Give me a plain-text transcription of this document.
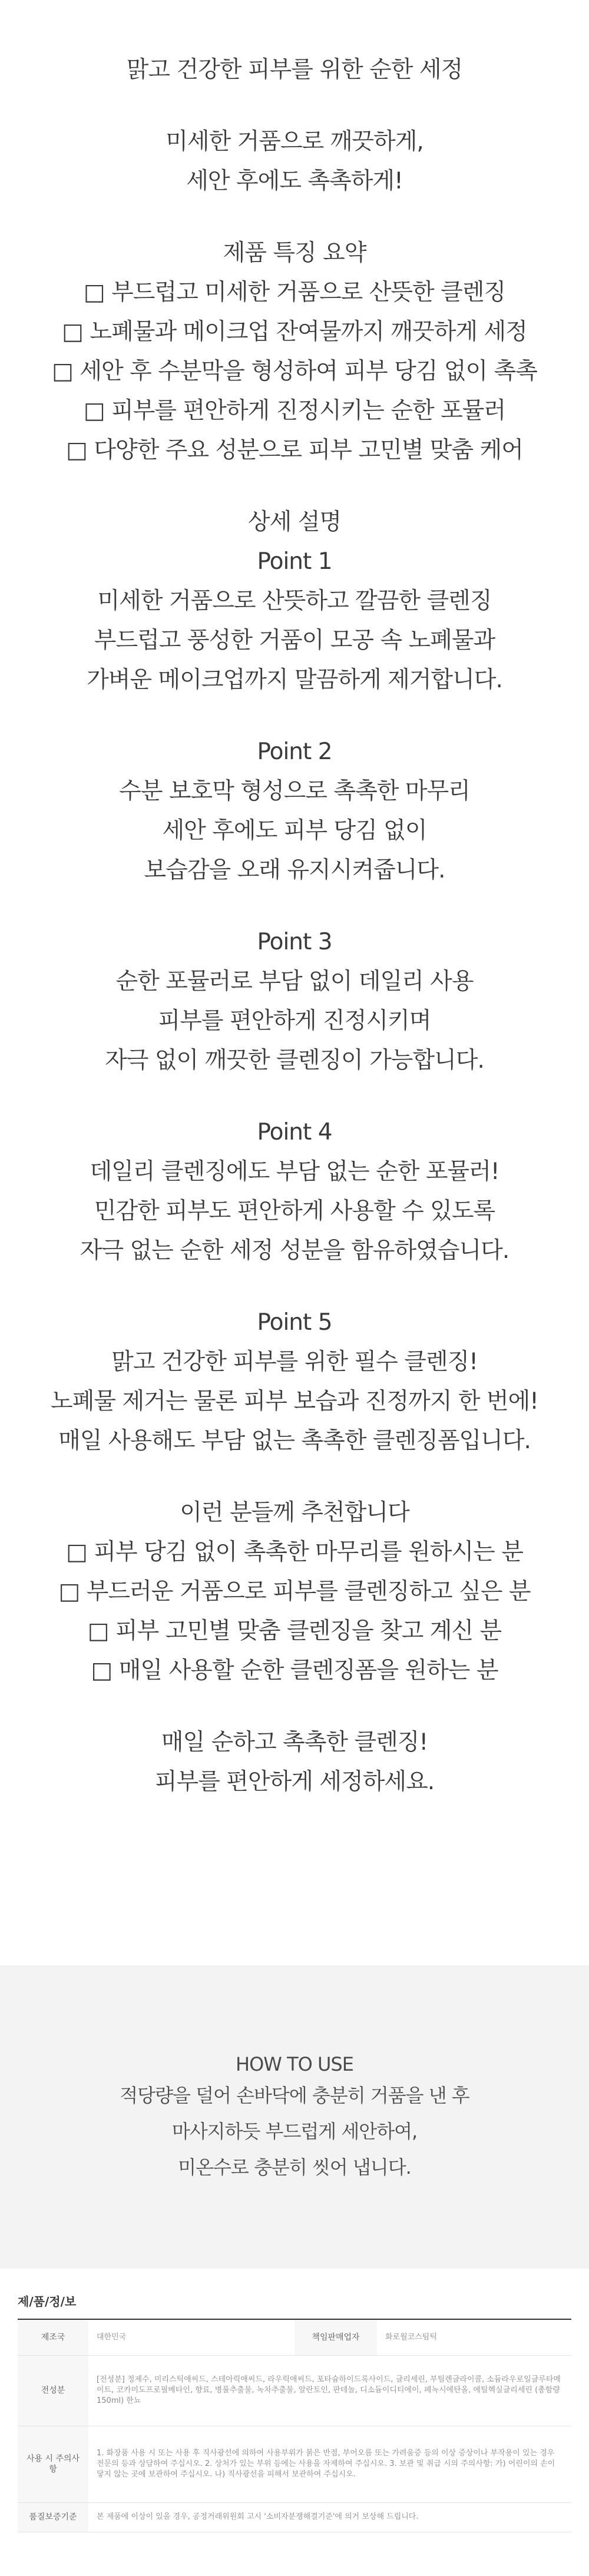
맑고 건강한 피부를 위한 순한 세정
미세한 거품으로 깨끗하게,
세안 후에도 촉촉하게!
제품 특징 요약
□ 부드럽고 미세한 거품으로 산뜻한 클렌징
□ 노폐물과 메이크업 잔여물까지 깨끗하게 세정
□ 세안 후 수분막을 형성하여 피부 당김 없이 촉촉
□ 피부를 편안하게 진정시키는 순한 포뮬러
□ 다양한 주요 성분으로 피부 고민별 맞춤 케어
상세 설명
Point 1
미세한 거품으로 산뜻하고 깔끔한 클렌징
부드럽고 풍성한 거품이 모공 속 노폐물과
가벼운 메이크업까지 말끔하게 제거합니다.
Point 2
수분 보호막 형성으로 촉촉한 마무리
세안 후에도 피부 당김 없이
보습감을 오래 유지시켜줍니다.
Point 3
순한 포뮬러로 부담 없이 데일리 사용
피부를 편안하게 진정시키며
자극 없이 깨끗한 클렌징이 가능합니다.
Point 4
데일리 클렌징에도 부담 없는 순한 포뮬러!
민감한 피부도 편안하게 사용할 수 있도록
자극 없는 순한 세정 성분을 함유하였습니다.
Point 5
맑고 건강한 피부를 위한 필수 클렌징!
노폐물 제거는 물론 피부 보습과 진정까지 한 번에!
매일 사용해도 부담 없는 촉촉한 클렌징폼입니다.
이런 분들께 추천합니다
□ 피부 당김 없이 촉촉한 마무리를 원하시는 분
□ 부드러운 거품으로 피부를 클렌징하고 싶은 분
□ 피부 고민별 맞춤 클렌징을 찾고 계신 분
□ 매일 사용할 순한 클렌징폼을 원하는 분
매일 순하고 촉촉한 클렌징!
피부를 편안하게 세정하세요.
HOW TO USE
적당량을 덜어 손바닥에 충분히 거품을 낸 후
마사지하듯 부드럽게 세안하여,
미온수로 충분히 씻어 냅니다.
제/품/정/보
제조국	대한민국	책임판매업자	화로월코스팀틱
전성분	[전성분] 정제수, 미리스틱애씨드, 스테아릭애씨드, 라우릭애씨드, 포타슘하이드록사이드, 글리세린, 부틸렌글라이콜, 소듐라우로일글루타메이트, 코카미도프로필베타인, 향료, 병풀추출물, 녹차추출물, 알란토인, 판테놀, 디소듐이디티에이, 페녹시에탄올, 에틸헥실글리세린 (총함량 150ml) 한뇨		
사용 시 주의사항	1. 화장품 사용 시 또는 사용 후 직사광선에 의하여 사용부위가 붉은 반점, 부어오름 또는 가려움증 등의 이상 증상이나 부작용이 있는 경우 전문의 등과 상담하여 주십시오. 2. 상처가 있는 부위 등에는 사용을 자제하여 주십시오. 3. 보관 및 취급 시의 주의사항: 가) 어린이의 손이 닿지 않는 곳에 보관하여 주십시오. 나) 직사광선을 피해서 보관하여 주십시오.		
품질보증기준	본 제품에 이상이 있을 경우, 공정거래위원회 고시 '소비자분쟁해결기준'에 의거 보상해 드립니다.		
